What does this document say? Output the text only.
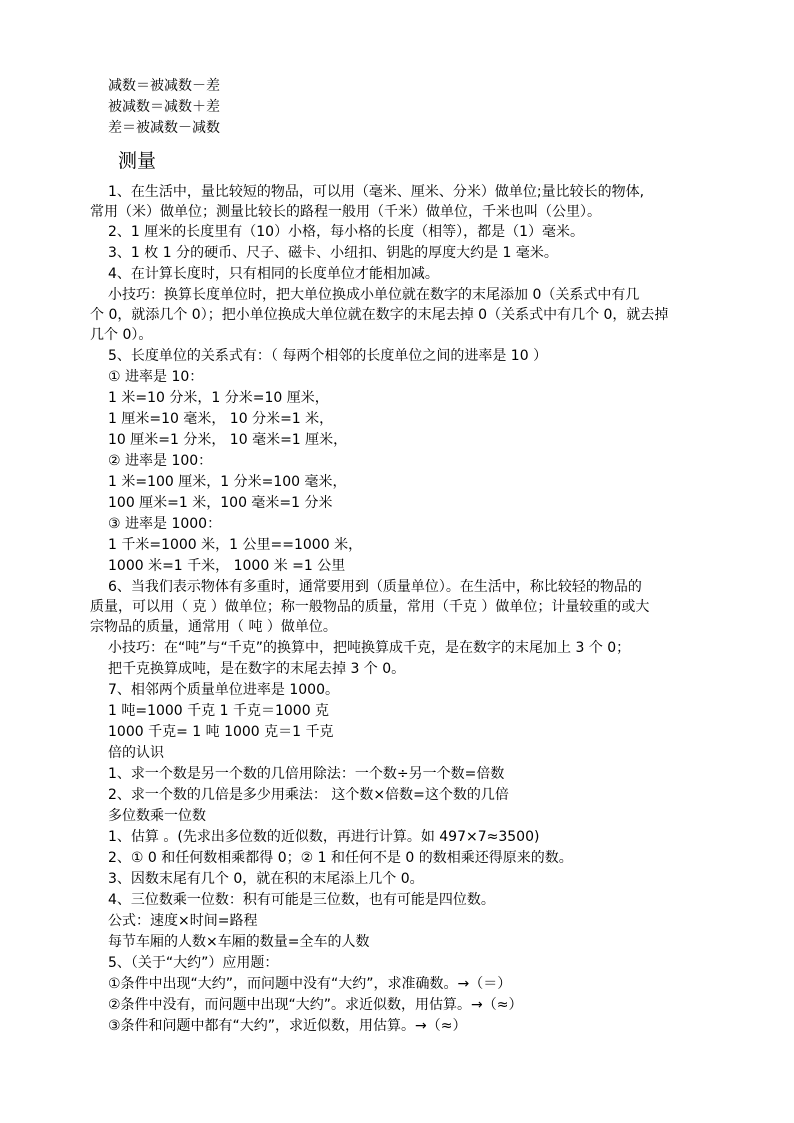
减数＝被减数－差
被减数＝减数＋差
差＝被减数－减数
测量
1、在生活中，量比较短的物品，可以用（毫米、厘米、分米）做单位;量比较长的物体,
常用（米）做单位；测量比较长的路程一般用（千米）做单位，千米也叫（公里）。
2、1 厘米的长度里有（10）小格，每小格的长度（相等），都是（1）毫米。
3、1 枚 1 分的硬币、尺子、磁卡、小纽扣、钥匙的厚度大约是 1 毫米。
4、在计算长度时，只有相同的长度单位才能相加减。
小技巧：换算长度单位时，把大单位换成小单位就在数字的末尾添加 0（关系式中有几
个 0，就添几个 0）；把小单位换成大单位就在数字的末尾去掉 0（关系式中有几个 0，就去掉
几个 0）。
5、长度单位的关系式有：（ 每两个相邻的长度单位之间的进率是 10 ）
① 进率是 10：
1 米=10 分米，1 分米=10 厘米，
1 厘米=10 毫米， 10 分米=1 米，
10 厘米=1 分米， 10 毫米=1 厘米，
② 进率是 100：
1 米=100 厘米，1 分米=100 毫米，
100 厘米=1 米，100 毫米=1 分米
③ 进率是 1000：
1 千米=1000 米，1 公里==1000 米，
1000 米=1 千米， 1000 米 =1 公里
6、当我们表示物体有多重时，通常要用到（质量单位）。在生活中，称比较轻的物品的
质量，可以用（ 克 ）做单位；称一般物品的质量，常用（千克 ）做单位；计量较重的或大
宗物品的质量，通常用（ 吨 ）做单位。
小技巧：在“吨”与“千克”的换算中，把吨换算成千克，是在数字的末尾加上 3 个 0；
把千克换算成吨，是在数字的末尾去掉 3 个 0。
7、相邻两个质量单位进率是 1000。
1 吨=1000 千克 1 千克＝1000 克
1000 千克= 1 吨 1000 克＝1 千克
倍的认识
1、求一个数是另一个数的几倍用除法：一个数÷另一个数=倍数
2、求一个数的几倍是多少用乘法： 这个数×倍数=这个数的几倍
多位数乘一位数
1、估算 。(先求出多位数的近似数，再进行计算。如 497×7≈3500)
2、① 0 和任何数相乘都得 0；② 1 和任何不是 0 的数相乘还得原来的数。
3、因数末尾有几个 0，就在积的末尾添上几个 0。
4、三位数乘一位数：积有可能是三位数，也有可能是四位数。
公式：速度×时间=路程
每节车厢的人数×车厢的数量=全车的人数
5、（关于“大约”）应用题：
①条件中出现“大约”，而问题中没有“大约”，求准确数。→（＝）
②条件中没有，而问题中出现“大约”。求近似数，用估算。→（≈）
③条件和问题中都有“大约”，求近似数，用估算。→（≈）
